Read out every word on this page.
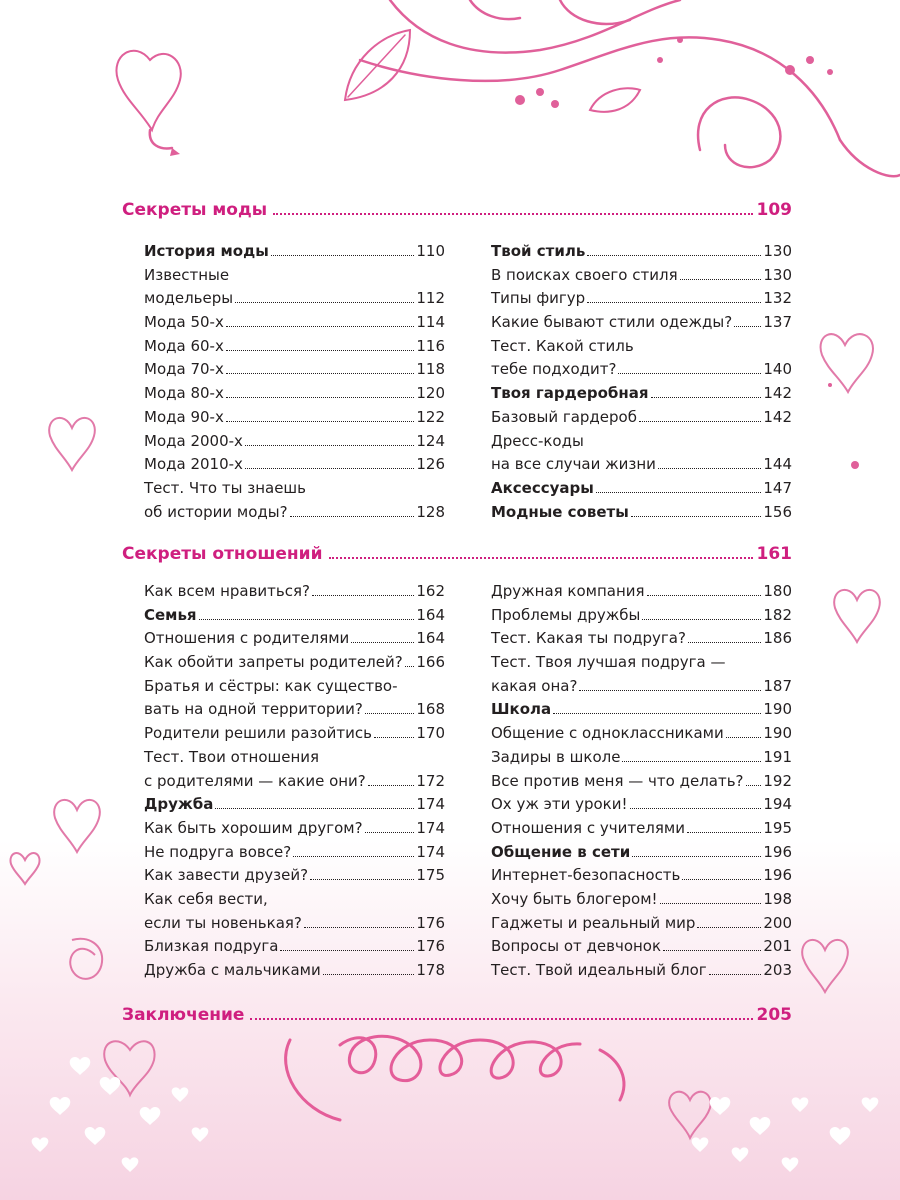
Секреты моды	109
История моды	110
Известные
модельеры	112
Мода 50-х	114
Мода 60-х	116
Мода 70-х	118
Мода 80-х	120
Мода 90-х	122
Мода 2000-х	124
Мода 2010-х	126
Тест. Что ты знаешь
об истории моды?	128
Твой стиль	130
В поисках своего стиля	130
Типы фигур	132
Какие бывают стили одежды? 137
Тест. Какой стиль
тебе подходит?	140
Твоя гардеробная	142
Базовый гардероб	142
Дресс-коды
на все случаи жизни	144
Аксессуары	147
Модные советы	156
Секреты отношений	161
Как всем нравиться?	162
Семья	164
Отношения с родителями	164
Как обойти запреты родителей? 166
Братья и сёстры: как существо-
вать на одной территории?	168
Родители решили разойтись	170
Тест. Твои отношения
с родителями — какие они?	172
Дружба	174
Как быть хорошим другом?	174
Не подруга вовсе?	174
Как завести друзей?	175
Как себя вести,
если ты новенькая?	176
Близкая подруга	176
Дружба с мальчиками	178
Дружная компания	180
Проблемы дружбы	182
Тест. Какая ты подруга?	186
Тест. Твоя лучшая подруга —
какая она?	187
Школа	190
Общение с одноклассниками	190
Задиры в школе	191
Все против меня — что делать? 192
Ох уж эти уроки!	194
Отношения с учителями	195
Общение в сети	196
Интернет-безопасность	196
Хочу быть блогером!	198
Гаджеты и реальный мир	200
Вопросы от девчонок	201
Тест. Твой идеальный блог	203
Заключение	205
